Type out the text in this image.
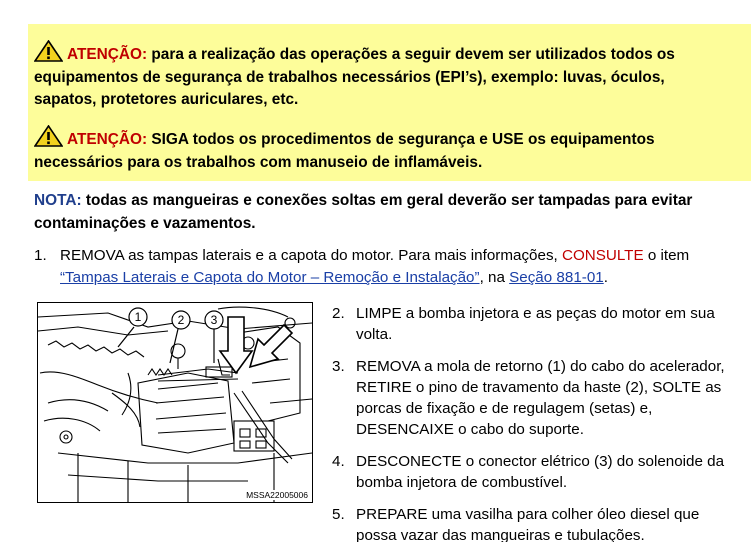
ATENÇÃO: para a realização das operações a seguir devem ser utilizados todos os
equipamentos de segurança de trabalhos necessários (EPI’s), exemplo: luvas, óculos,
sapatos, protetores auriculares, etc.
ATENÇÃO: SIGA todos os procedimentos de segurança e USE os equipamentos
necessários para os trabalhos com manuseio de inflamáveis.
NOTA: todas as mangueiras e conexões soltas em geral deverão ser tampadas para evitar
contaminações e vazamentos.
1. REMOVA as tampas laterais e a capota do motor. Para mais informações, CONSULTE o item
“Tampas Laterais e Capota do Motor – Remoção e Instalação”, na Seção 881-01.
1	2 3
MSSA22005006
2. LIMPE a bomba injetora e as peças do motor em sua
volta.
3. REMOVA a mola de retorno (1) do cabo do acelerador,
RETIRE o pino de travamento da haste (2), SOLTE as
porcas de fixação e de regulagem (setas) e,
DESENCAIXE o cabo do suporte.
4. DESCONECTE o conector elétrico (3) do solenoide da
bomba injetora de combustível.
5. PREPARE uma vasilha para colher óleo diesel que
possa vazar das mangueiras e tubulações.
